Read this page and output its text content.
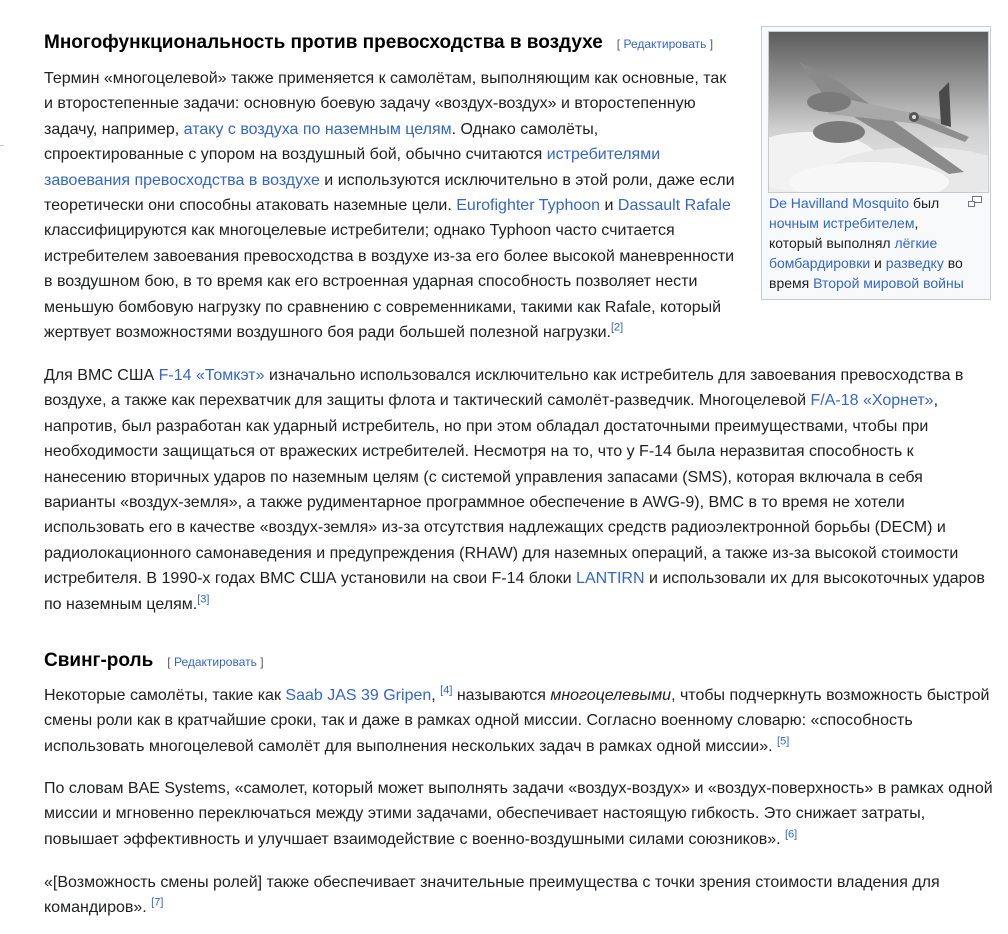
Многофункциональность против превосходства в воздухе [ Редактировать ]

Термин «многоцелевой» также применяется к самолётам, выполняющим как основные, так и второстепенные задачи: основную боевую задачу «воздух-воздух» и второстепенную задачу, например, атаку с воздуха по наземным целям. Однако самолёты, спроектированные с упором на воздушный бой, обычно считаются истребителями завоевания превосходства в воздухе и используются исключительно в этой роли, даже если теоретически они способны атаковать наземные цели. Eurofighter Typhoon и Dassault Rafale классифицируются как многоцелевые истребители; однако Typhoon часто считается истребителем завоевания превосходства в воздухе из-за его более высокой маневренности в воздушном бою, в то время как его встроенная ударная способность позволяет нести меньшую бомбовую нагрузку по сравнению с современниками, такими как Rafale, который жертвует возможностями воздушного боя ради большей полезной нагрузки.[2]

Для ВМС США F-14 «Томкэт» изначально использовался исключительно как истребитель для завоевания превосходства в воздухе, а также как перехватчик для защиты флота и тактический самолёт-разведчик. Многоцелевой F/A-18 «Хорнет», напротив, был разработан как ударный истребитель, но при этом обладал достаточными преимуществами, чтобы при необходимости защищаться от вражеских истребителей. Несмотря на то, что у F-14 была неразвитая способность к нанесению вторичных ударов по наземным целям (с системой управления запасами (SMS), которая включала в себя варианты «воздух-земля», а также рудиментарное программное обеспечение в AWG-9), ВМС в то время не хотели использовать его в качестве «воздух-земля» из-за отсутствия надлежащих средств радиоэлектронной борьбы (DECM) и радиолокационного самонаведения и предупреждения (RHAW) для наземных операций, а также из-за высокой стоимости истребителя. В 1990-х годах ВМС США установили на свои F-14 блоки LANTIRN и использовали их для высокоточных ударов по наземным целям.[3]

Свинг-роль [ Редактировать ]

Некоторые самолёты, такие как Saab JAS 39 Gripen, [4] называются многоцелевыми, чтобы подчеркнуть возможность быстрой смены роли как в кратчайшие сроки, так и даже в рамках одной миссии. Согласно военному словарю: «способность использовать многоцелевой самолёт для выполнения нескольких задач в рамках одной миссии». [5]

По словам BAE Systems, «самолет, который может выполнять задачи «воздух-воздух» и «воздух-поверхность» в рамках одной миссии и мгновенно переключаться между этими задачами, обеспечивает настоящую гибкость. Это снижает затраты, повышает эффективность и улучшает взаимодействие с военно-воздушными силами союзников». [6]

«[Возможность смены ролей] также обеспечивает значительные преимущества с точки зрения стоимости владения для командиров». [7]

De Havilland Mosquito был ночным истребителем, который выполнял лёгкие бомбардировки и разведку во время Второй мировой войны
